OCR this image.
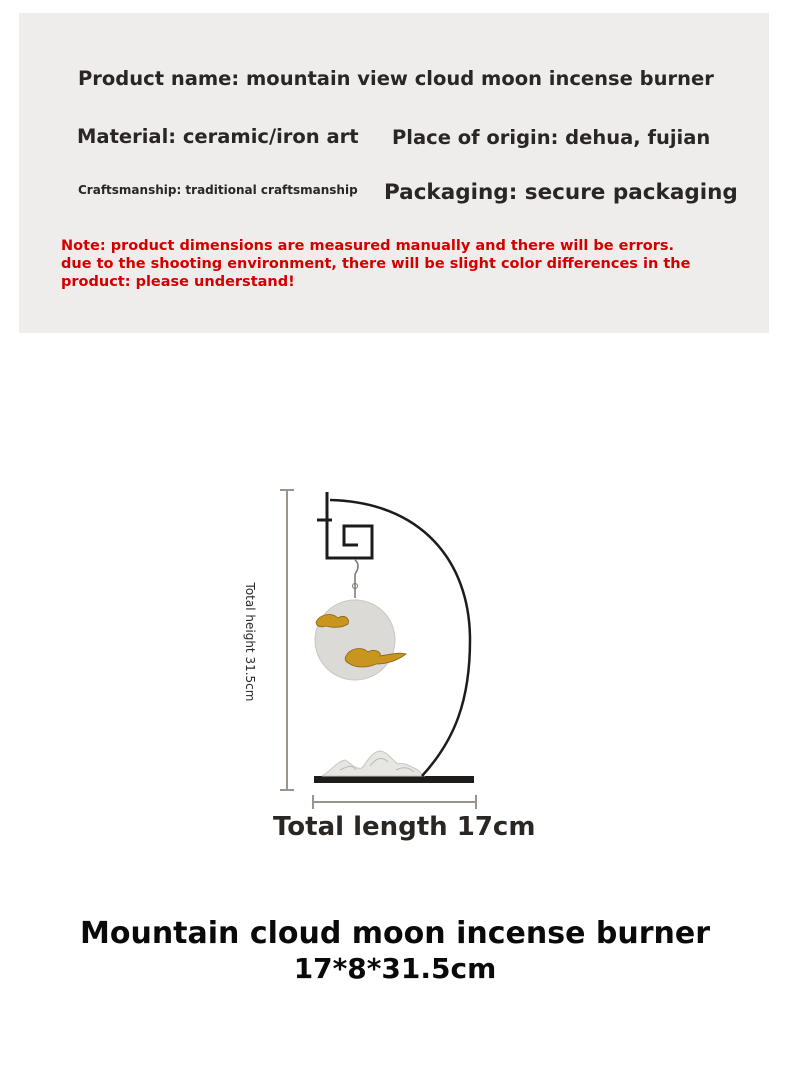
Product name: mountain view cloud moon incense burner
Material: ceramic/iron art Place of origin: dehua, fujian
Craftsmanship: traditional craftsmanship Packaging: secure packaging
Note: product dimensions are measured manually and there will be errors.
due to the shooting environment, there will be slight color differences in the
product: please understand!
Total height 31.5cm
Total length 17cm
Mountain cloud moon incense burner
17*8*31.5cm
